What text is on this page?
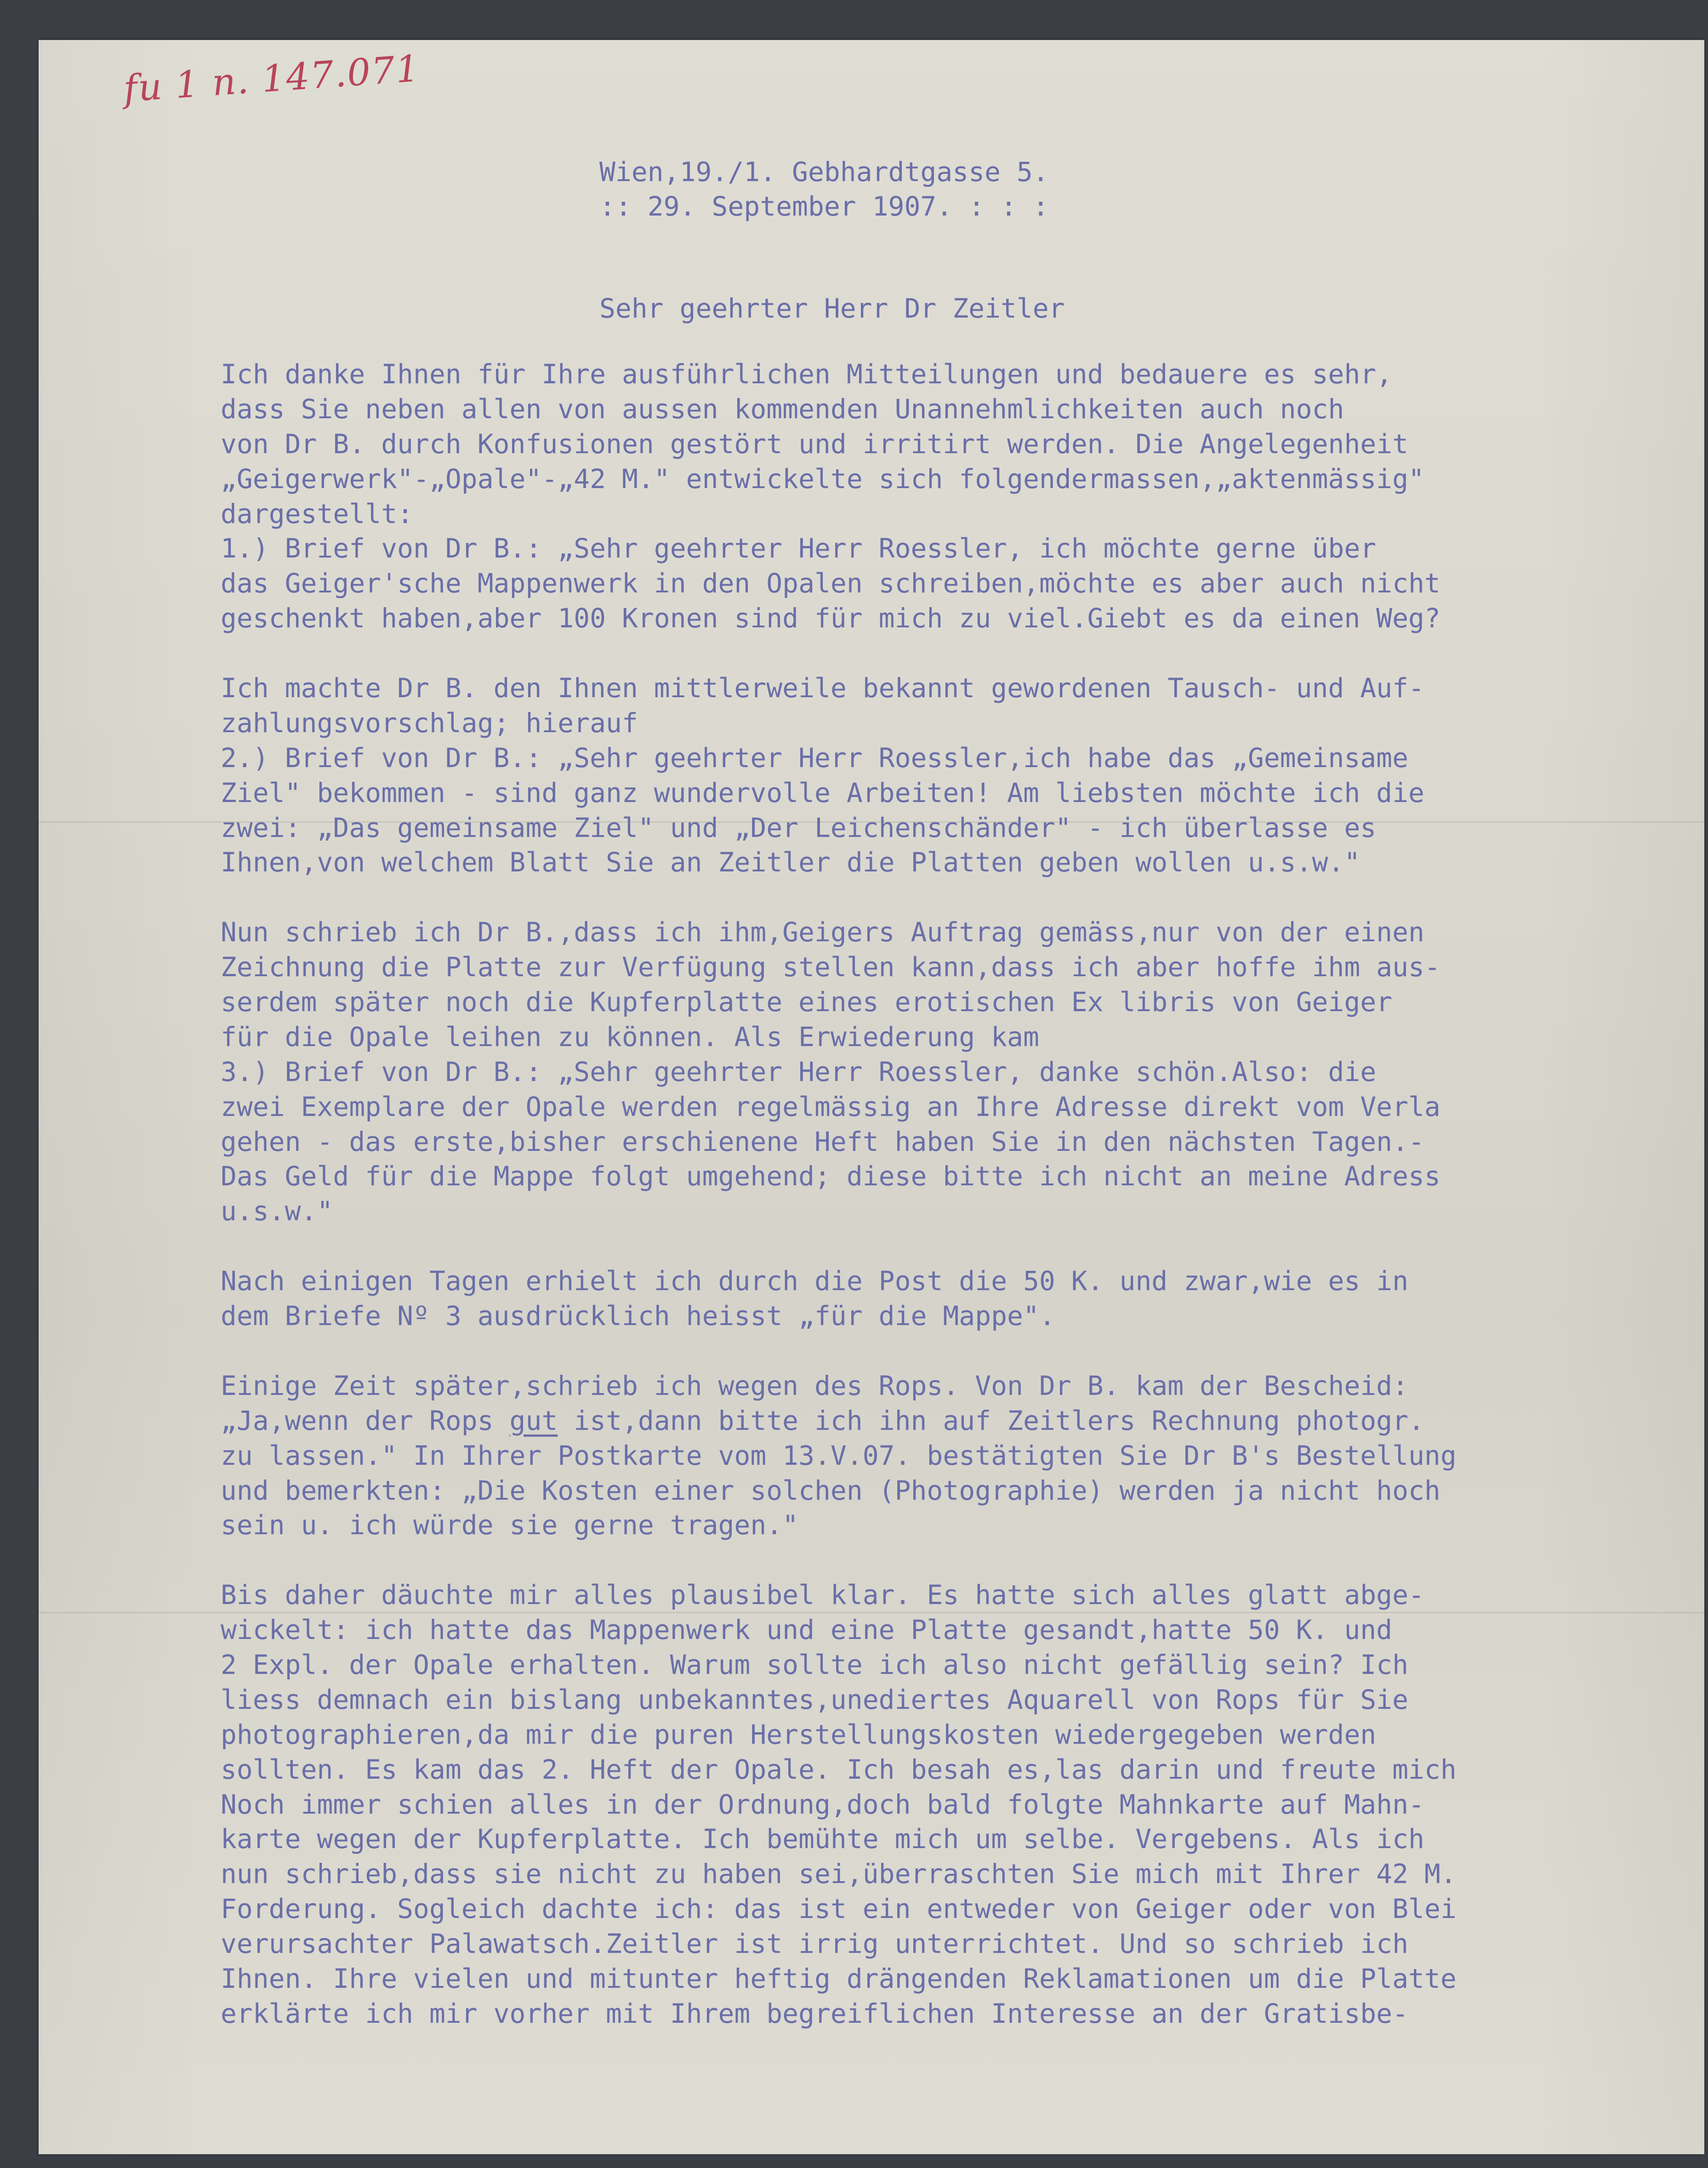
fu 1 n. 147.071
Wien,19./1. Gebhardtgasse 5.
:: 29. September 1907. : : :
Sehr geehrter Herr Dr Zeitler
Ich danke Ihnen für Ihre ausführlichen Mitteilungen und bedauere es sehr,
dass Sie neben allen von aussen kommenden Unannehmlichkeiten auch noch
von Dr B. durch Konfusionen gestört und irritirt werden. Die Angelegenheit
„Geigerwerk"-„Opale"-„42 M." entwickelte sich folgendermassen,„aktenmässig"
dargestellt:
1.) Brief von Dr B.: „Sehr geehrter Herr Roessler, ich möchte gerne über
das Geiger'sche Mappenwerk in den Opalen schreiben,möchte es aber auch nicht
geschenkt haben,aber 100 Kronen sind für mich zu viel.Giebt es da einen Weg?
Ich machte Dr B. den Ihnen mittlerweile bekannt gewordenen Tausch- und Auf-
zahlungsvorschlag; hierauf
2.) Brief von Dr B.: „Sehr geehrter Herr Roessler,ich habe das „Gemeinsame
Ziel" bekommen - sind ganz wundervolle Arbeiten! Am liebsten möchte ich die
zwei: „Das gemeinsame Ziel" und „Der Leichenschänder" - ich überlasse es
Ihnen,von welchem Blatt Sie an Zeitler die Platten geben wollen u.s.w."
Nun schrieb ich Dr B.,dass ich ihm,Geigers Auftrag gemäss,nur von der einen
Zeichnung die Platte zur Verfügung stellen kann,dass ich aber hoffe ihm aus-
serdem später noch die Kupferplatte eines erotischen Ex libris von Geiger
für die Opale leihen zu können. Als Erwiederung kam
3.) Brief von Dr B.: „Sehr geehrter Herr Roessler, danke schön.Also: die
zwei Exemplare der Opale werden regelmässig an Ihre Adresse direkt vom Verla
gehen - das erste,bisher erschienene Heft haben Sie in den nächsten Tagen.-
Das Geld für die Mappe folgt umgehend; diese bitte ich nicht an meine Adress
u.s.w."
Nach einigen Tagen erhielt ich durch die Post die 50 K. und zwar,wie es in
dem Briefe Nº 3 ausdrücklich heisst „für die Mappe".
Einige Zeit später,schrieb ich wegen des Rops. Von Dr B. kam der Bescheid:
„Ja,wenn der Rops gut ist,dann bitte ich ihn auf Zeitlers Rechnung photogr.
zu lassen." In Ihrer Postkarte vom 13.V.07. bestätigten Sie Dr B's Bestellung
und bemerkten: „Die Kosten einer solchen (Photographie) werden ja nicht hoch
sein u. ich würde sie gerne tragen."
Bis daher däuchte mir alles plausibel klar. Es hatte sich alles glatt abge-
wickelt: ich hatte das Mappenwerk und eine Platte gesandt,hatte 50 K. und
2 Expl. der Opale erhalten. Warum sollte ich also nicht gefällig sein? Ich
liess demnach ein bislang unbekanntes,unediertes Aquarell von Rops für Sie
photographieren,da mir die puren Herstellungskosten wiedergegeben werden
sollten. Es kam das 2. Heft der Opale. Ich besah es,las darin und freute mich
Noch immer schien alles in der Ordnung,doch bald folgte Mahnkarte auf Mahn-
karte wegen der Kupferplatte. Ich bemühte mich um selbe. Vergebens. Als ich
nun schrieb,dass sie nicht zu haben sei,überraschten Sie mich mit Ihrer 42 M.
Forderung. Sogleich dachte ich: das ist ein entweder von Geiger oder von Blei
verursachter Palawatsch.Zeitler ist irrig unterrichtet. Und so schrieb ich
Ihnen. Ihre vielen und mitunter heftig drängenden Reklamationen um die Platte
erklärte ich mir vorher mit Ihrem begreiflichen Interesse an der Gratisbe-
